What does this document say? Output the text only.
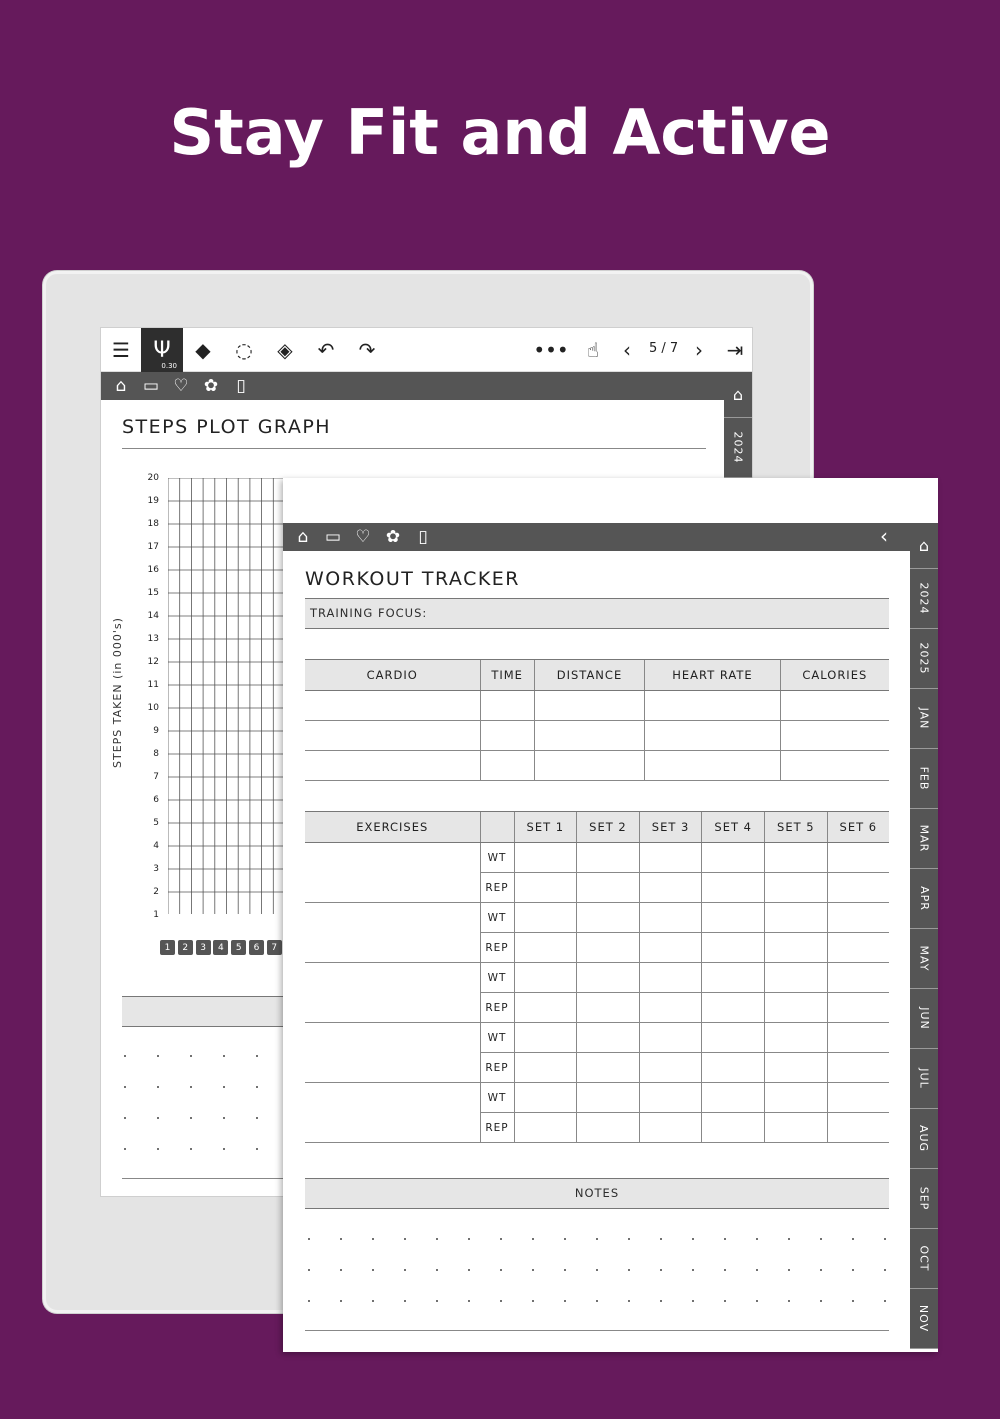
Stay Fit and Active
☰	Ψ
0.30
◆	◌	◈	↶	↷	••• ☝	‹	5 / 7 ›	⇥
⌂ ▭ ♡ ✿	▯	⌂
2024
STEPS PLOT GRAPH
STEPS TAKEN (in 000's)
20
19
18
17
16
15
14
13
12
11
10
9
8
7
6
5
4
3
2
1
1	2	3	4	5	6	7
⌂ ▭ ♡ ✿	▯	‹	⌂
2024
2025
JAN
FEB
MAR
APR
MAY
JUN
JUL
AUG
SEP
OCT
NOV
WORKOUT TRACKER
TRAINING FOCUS:
CARDIO	TIME	DISTANCE	HEART RATE	CALORIES

EXERCISES		SET 1	SET 2	SET 3	SET 4	SET 5	SET 6
	WT						
	REP						
	WT						
	REP						
	WT						
	REP						
	WT						
	REP						
	WT						
	REP						
NOTES
